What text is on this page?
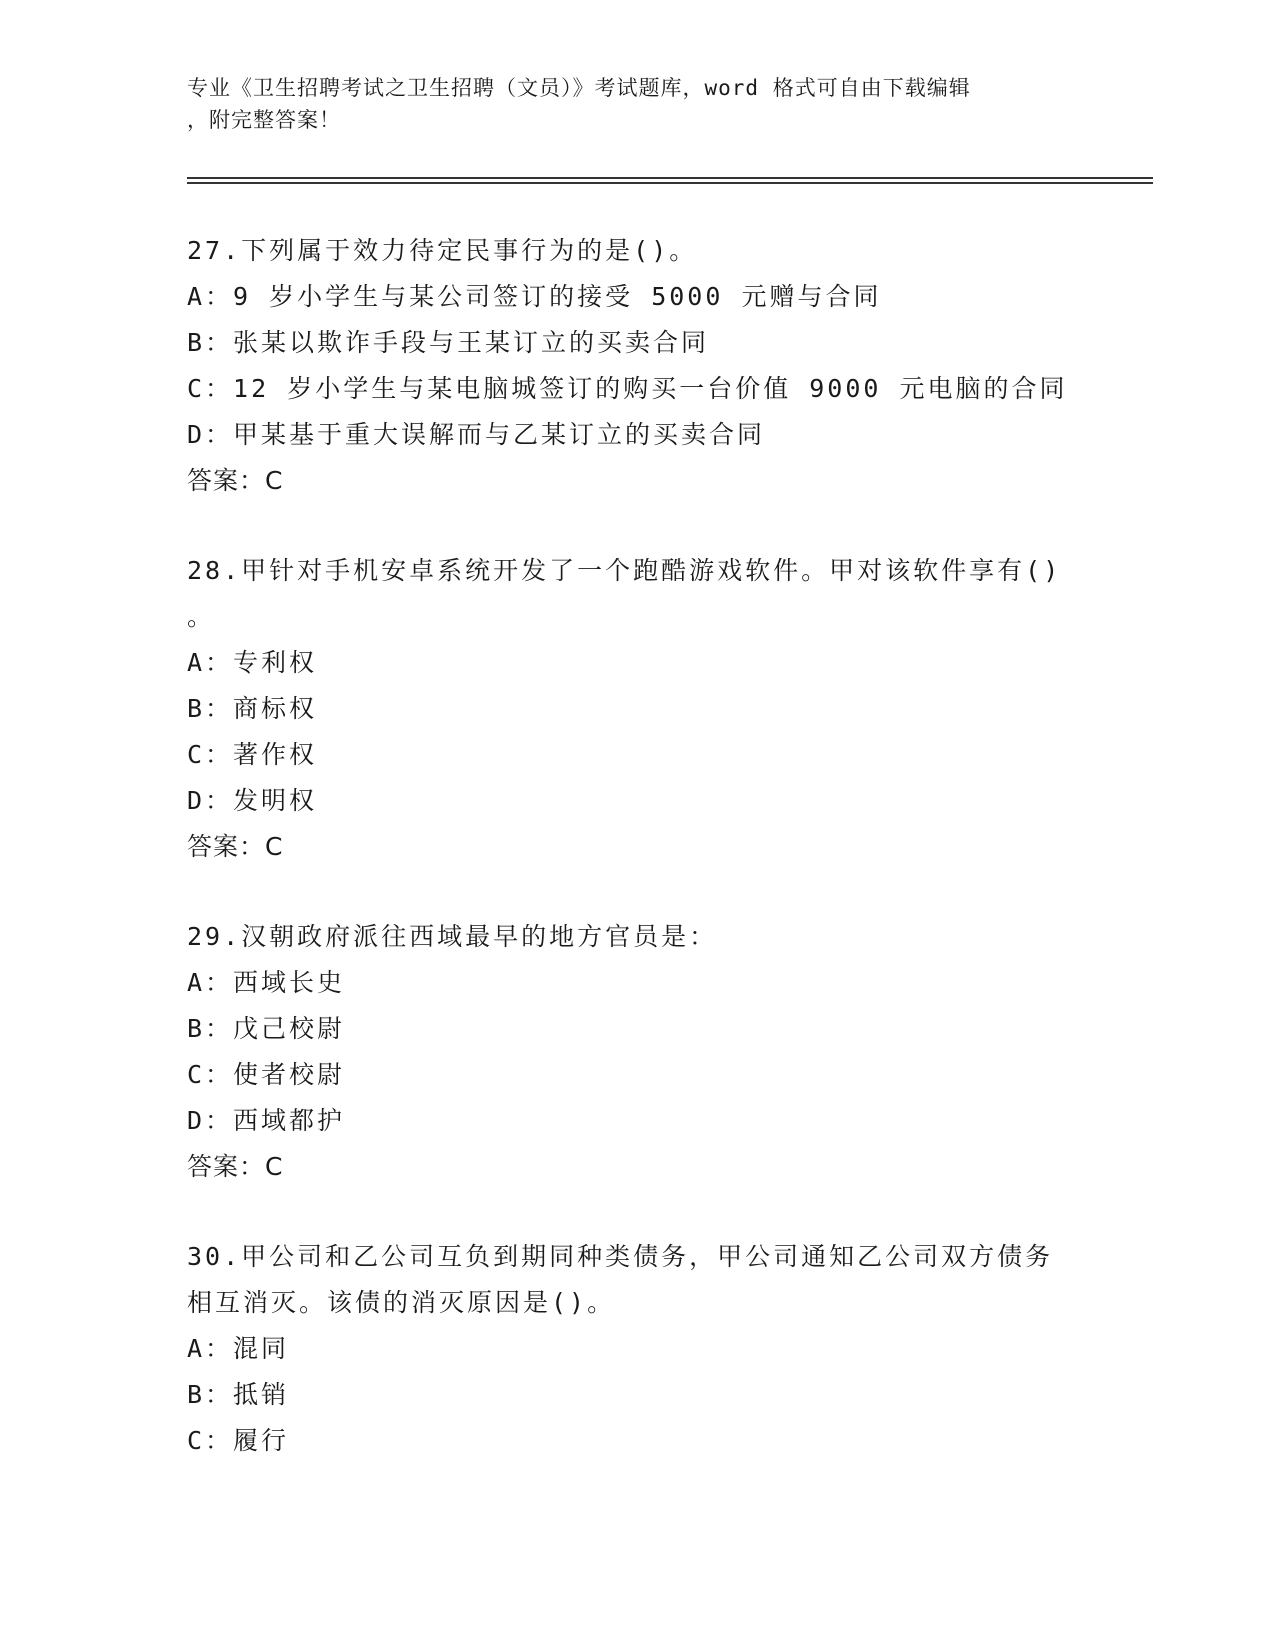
专业《卫生招聘考试之卫生招聘（文员）》考试题库，word 格式可自由下载编辑
，附完整答案！
27.下列属于效力待定民事行为的是()。
A：9 岁小学生与某公司签订的接受 5000 元赠与合同
B：张某以欺诈手段与王某订立的买卖合同
C：12 岁小学生与某电脑城签订的购买一台价值 9000 元电脑的合同
D：甲某基于重大误解而与乙某订立的买卖合同
答案：C
28.甲针对手机安卓系统开发了一个跑酷游戏软件。甲对该软件享有()
。
A：专利权
B：商标权
C：著作权
D：发明权
答案：C
29.汉朝政府派往西域最早的地方官员是：
A：西域长史
B：戊己校尉
C：使者校尉
D：西域都护
答案：C
30.甲公司和乙公司互负到期同种类债务，甲公司通知乙公司双方债务
相互消灭。该债的消灭原因是()。
A：混同
B：抵销
C：履行
